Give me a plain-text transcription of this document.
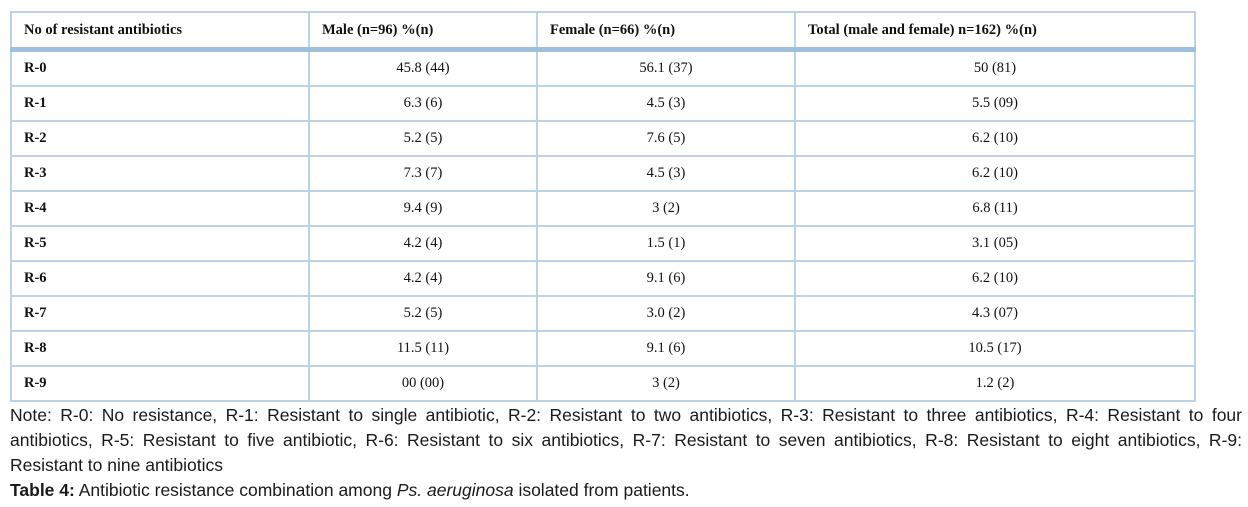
No of resistant antibiotics	Male (n=96) %(n)	Female (n=66) %(n)	Total (male and female) n=162) %(n)
R-0	45.8 (44)	56.1 (37)	50 (81)
R-1	6.3 (6)	4.5 (3)	5.5 (09)
R-2	5.2 (5)	7.6 (5)	6.2 (10)
R-3	7.3 (7)	4.5 (3)	6.2 (10)
R-4	9.4 (9)	3 (2)	6.8 (11)
R-5	4.2 (4)	1.5 (1)	3.1 (05)
R-6	4.2 (4)	9.1 (6)	6.2 (10)
R-7	5.2 (5)	3.0 (2)	4.3 (07)
R-8	11.5 (11)	9.1 (6)	10.5 (17)
R-9	00 (00)	3 (2)	1.2 (2)
Note: R-0: No resistance, R-1: Resistant to single antibiotic, R-2: Resistant to two antibiotics, R-3: Resistant to three antibiotics, R-4: Resistant to four antibiotics, R-5: Resistant to five antibiotic, R-6: Resistant to six antibiotics, R-7: Resistant to seven antibiotics, R-8: Resistant to eight antibiotics, R-9: Resistant to nine antibiotics
Table 4: Antibiotic resistance combination among Ps. aeruginosa isolated from patients.
